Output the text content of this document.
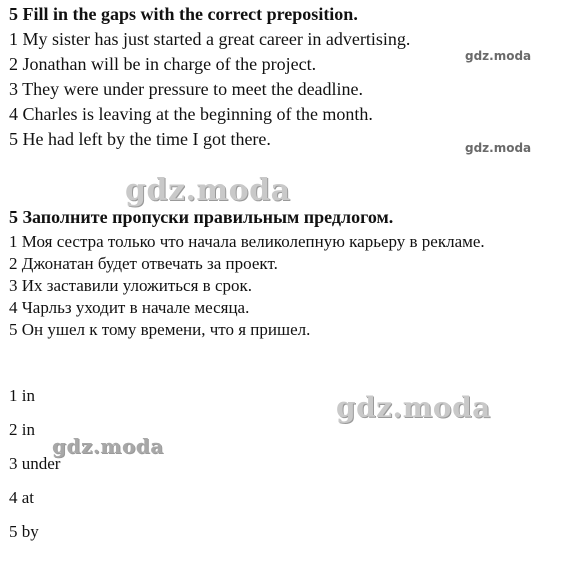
5 Fill in the gaps with the correct preposition.
1 My sister has just started a great career in advertising.
2 Jonathan will be in charge of the project.
3 They were under pressure to meet the deadline.
4 Charles is leaving at the beginning of the month.
5 He had left by the time I got there.
5 Заполните пропуски правильным предлогом.
1 Моя сестра только что начала великолепную карьеру в рекламе.
2 Джонатан будет отвечать за проект.
3 Их заставили уложиться в срок.
4 Чарльз уходит в начале месяца.
5 Он ушел к тому времени, что я пришел.
1 in
2 in
3 under
4 at
5 by
gdz.moda
gdz.moda
gdz.moda
gdz.moda
gdz.moda
